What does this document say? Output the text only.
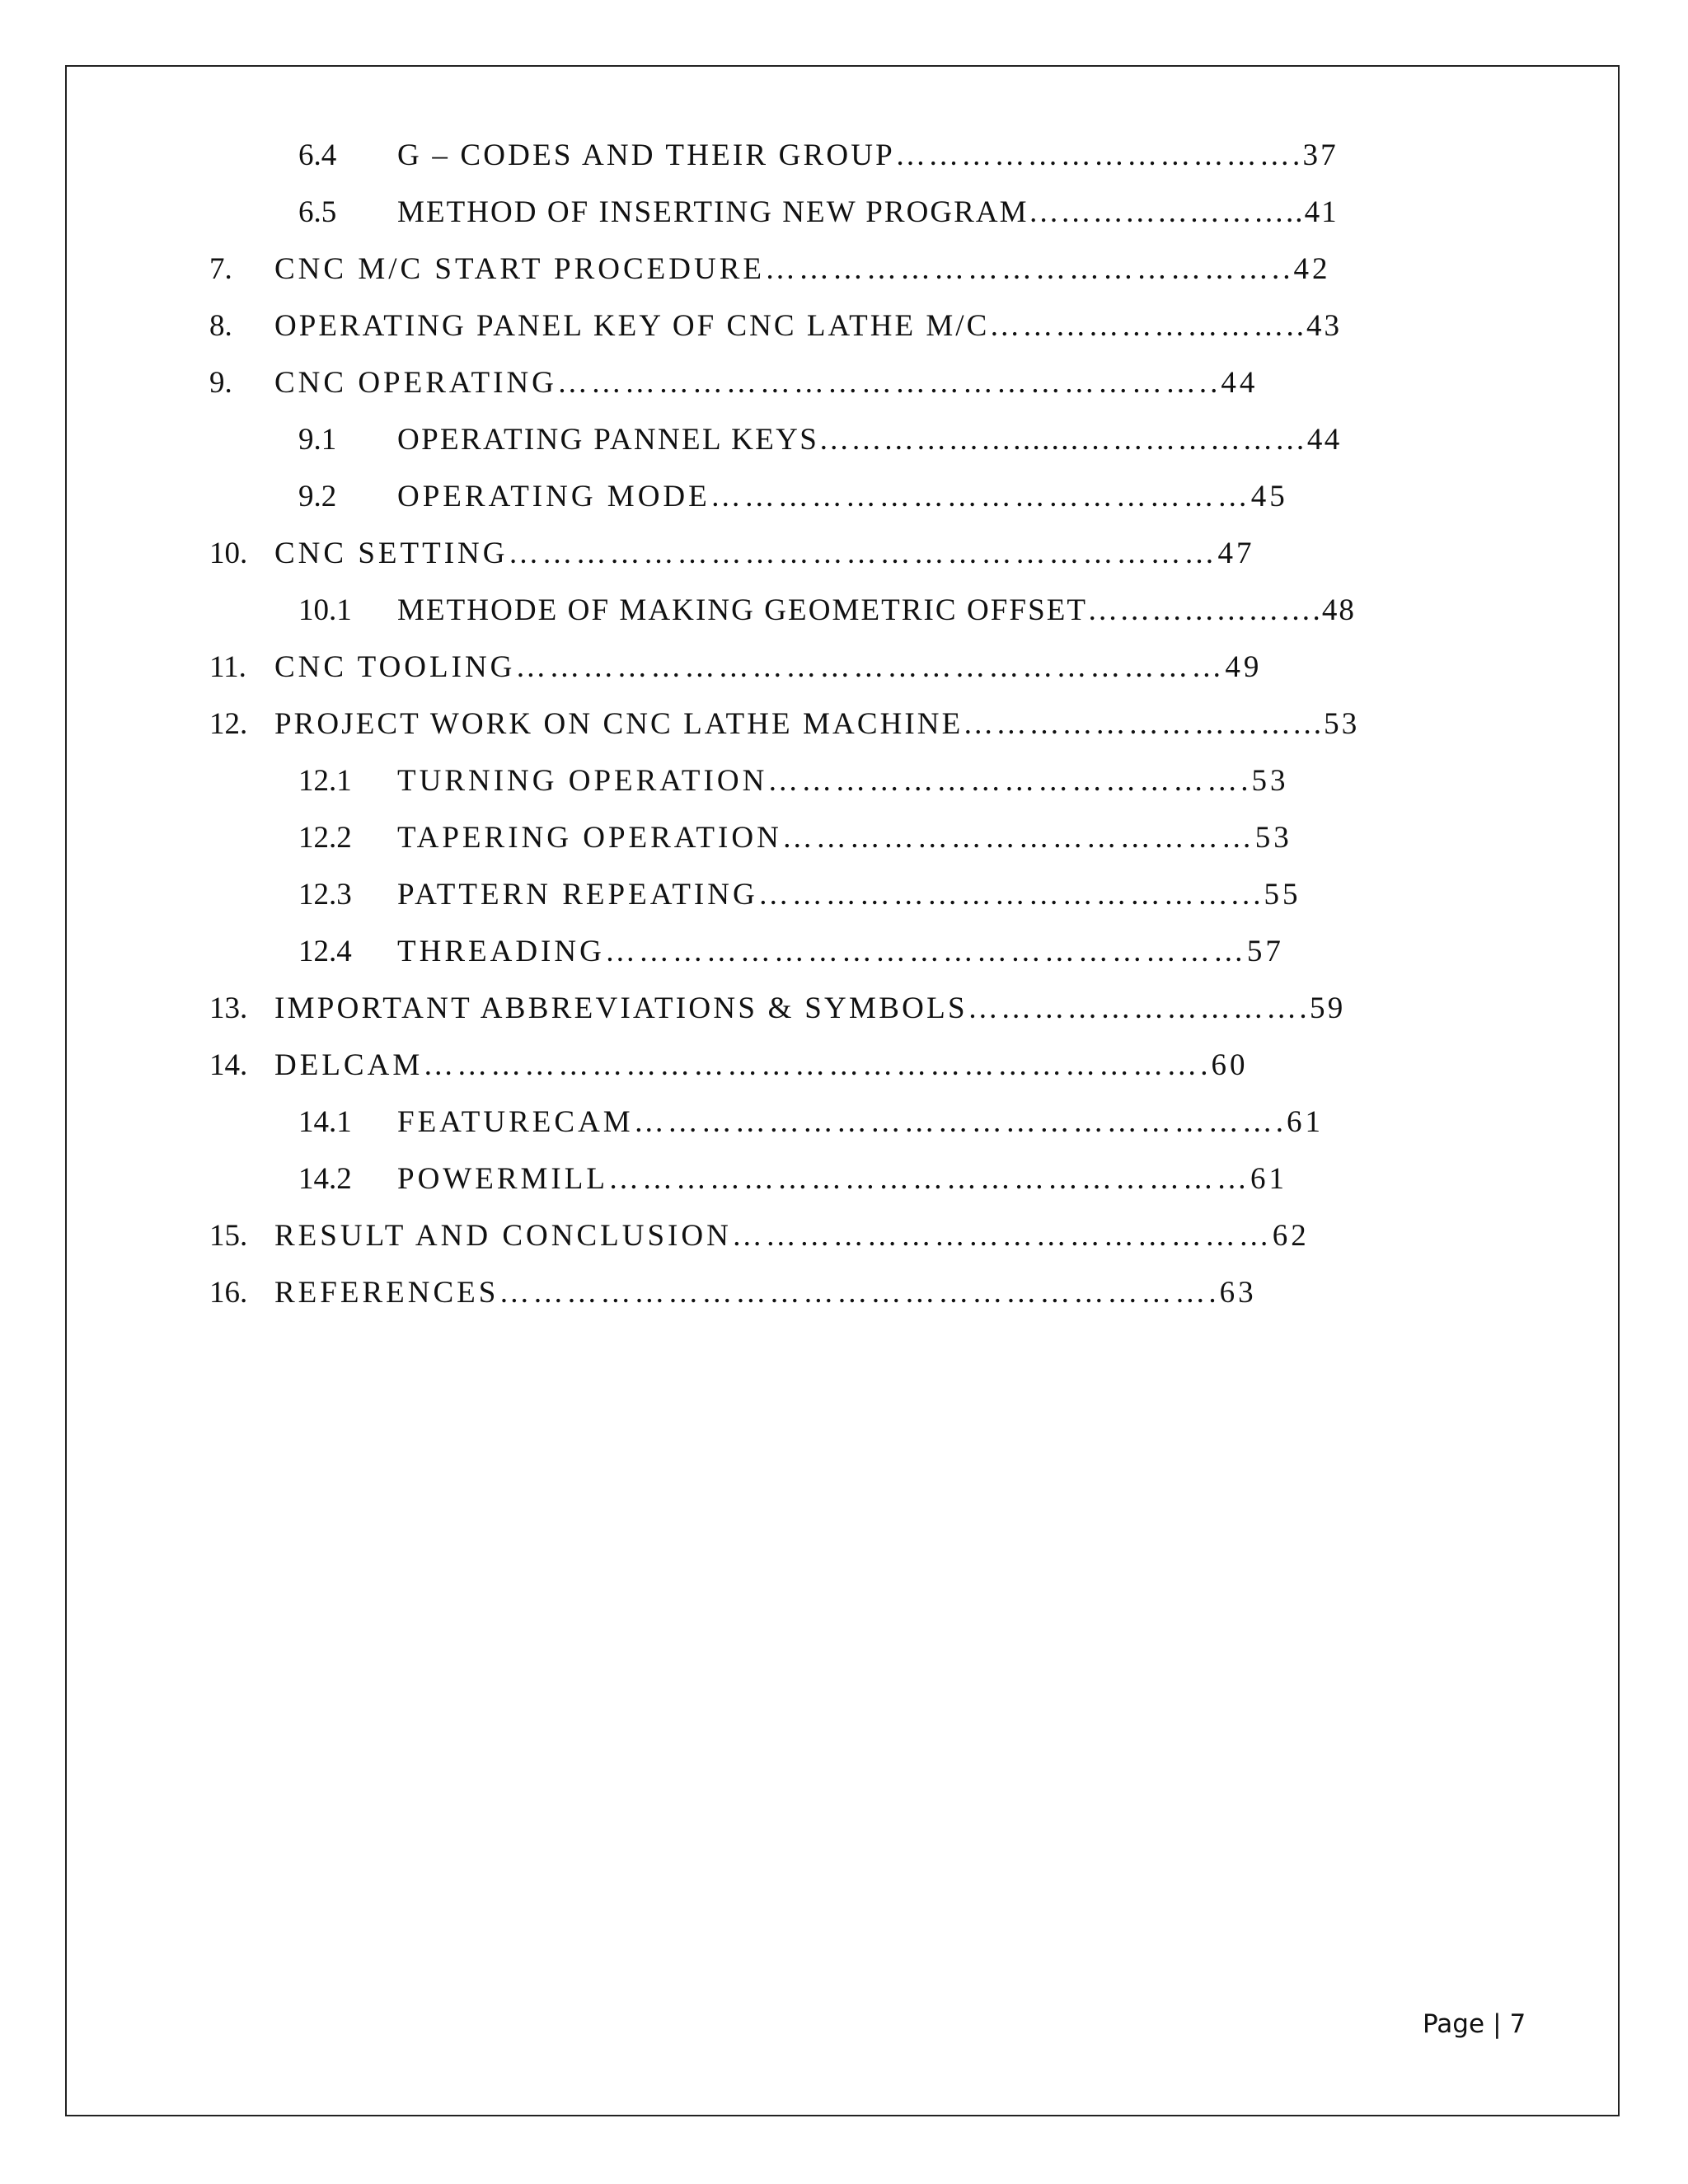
6.4 G – CODES AND THEIR GROUP……………………………….37
6.5 METHOD OF INSERTING NEW PROGRAM……………………..41
7. CNC M/C START PROCEDURE………………………………………..42
8. OPERATING PANEL KEY OF CNC LATHE M/C………………………..43
9. CNC OPERATING…………………………………………………..44
9.1 OPERATING PANNEL KEYS……………….......…………………44
9.2 OPERATING MODE…………………………………………45
10. CNC SETTING………………………………………………………47
10.1 METHODE OF MAKING GEOMETRIC OFFSET………………….48
11. CNC TOOLING………………………………………………………49
12. PROJECT WORK ON CNC LATHE MACHINE…………………………...53
12.1 TURNING OPERATION…………………………………….53
12.2 TAPERING OPERATION……………………………………53
12.3 PATTERN REPEATING……………………………………...55
12.4 THREADING…………………………………………………57
13. IMPORTANT ABBREVIATIONS & SYMBOLS………………………….59
14. DELCAM…………………………………………………………….60
14.1 FEATURECAM………………………………………………….61
14.2 POWERMILL…………………………………………………61
15. RESULT AND CONCLUSION…………………………………………62
16. REFERENCES……………………………………………………….63
Page | 7
